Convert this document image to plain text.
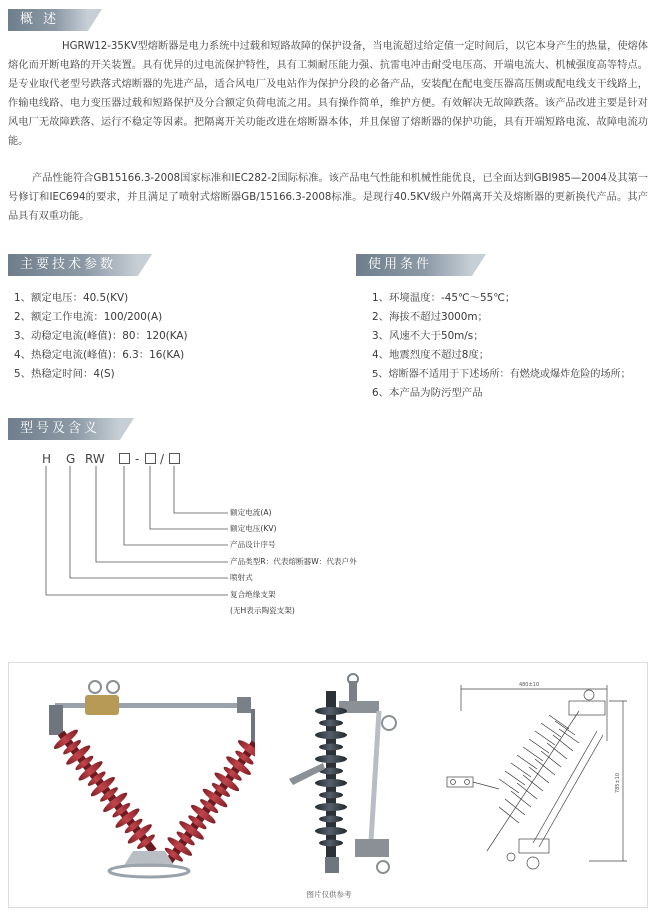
概 述

HGRW12-35KV型熔断器是电力系统中过载和短路故障的保护设备，当电流超过给定值一定时间后，以它本身产生的热量，使熔体熔化而开断电路的开关装置。具有优异的过电流保护特性，具有工频耐压能力强、抗雷电冲击耐受电压高、开端电流大、机械强度高等特点。是专业取代老型号跌落式熔断器的先进产品，适合风电厂及电站作为保护分段的必备产品，安装配在配电变压器高压侧或配电线支干线路上，作输电线路、电力变压器过载和短路保护及分合额定负荷电流之用。具有操作简单，维护方便。有效解决无故障跌落。该产品改进主要是针对风电厂无故障跌落、运行不稳定等因素。把隔离开关功能改进在熔断器本体，并且保留了熔断器的保护功能，具有开端短路电流、故障电流功能。

产品性能符合GB15166.3-2008国家标准和IEC282-2国际标准。该产品电气性能和机械性能优良，已全面达到GBI985—2004及其第一号修订和IEC694的要求，并且满足了喷射式熔断器GB/15166.3-2008标准。是现行40.5KV级户外隔离开关及熔断器的更新换代产品。其产品具有双重功能。

主要技术参数
1、额定电压：40.5(KV)
2、额定工作电流：100/200(A)
3、动稳定电流(峰值)：80：120(KA)
4、热稳定电流(峰值)：6.3：16(KA)
5、热稳定时间：4(S)
使用条件
1、环境温度：-45℃～55℃；
2、海拔不超过3000m；
3、风速不大于50m/s；
4、地震烈度不超过8度；
5、熔断器不适用于下述场所：有燃烧或爆炸危险的场所；
6、本产品为防污型产品
型号及含义
H G RW	- /
额定电流(A)
额定电压(KV)
产品设计序号
产品类型R：代表熔断器W：代表户外
喷射式
复合绝缘支架
(无H表示陶瓷支架)
480±10
785±10
图片仅供参考
